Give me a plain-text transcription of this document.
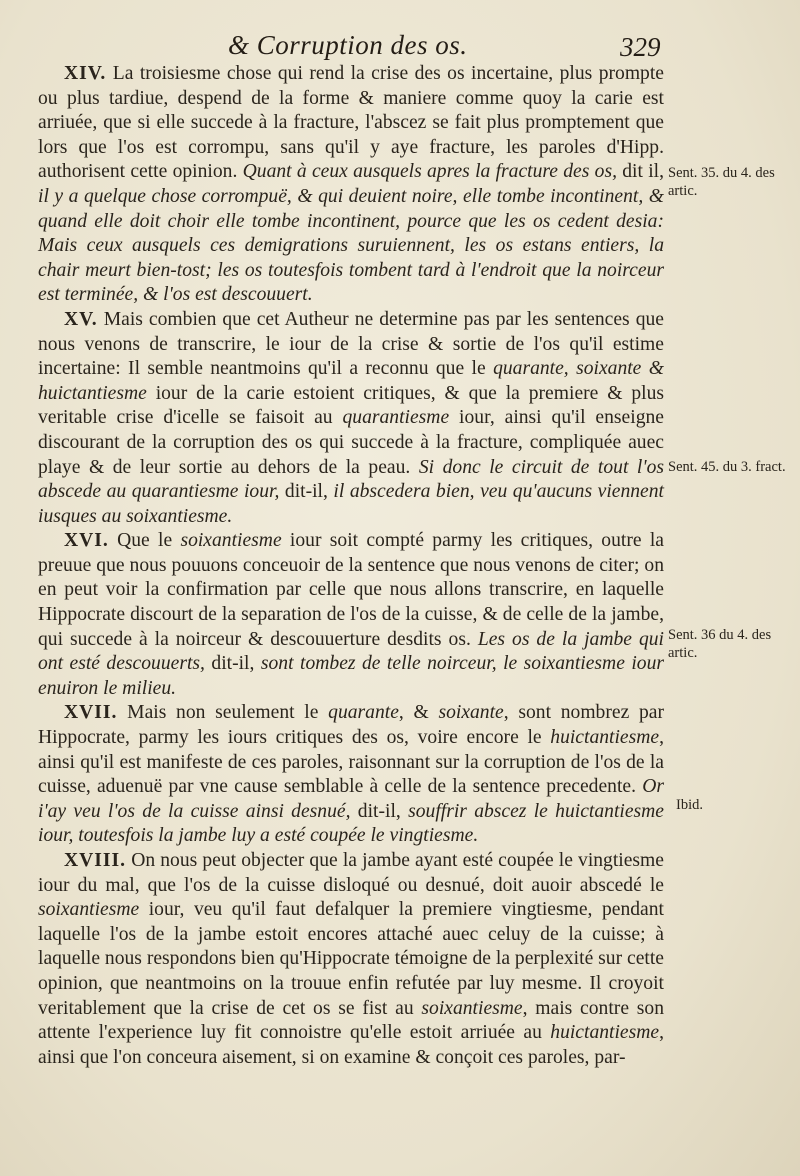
& Corruption des os.	329

XIV. La troisiesme chose qui rend la crise des os incertaine, plus prompte ou plus tardiue, despend de la forme & maniere comme quoy la carie est arriuée, que si elle succede à la fracture, l'abscez se fait plus promptement que lors que l'os est corrompu, sans qu'il y aye fracture, les paroles d'Hipp. authorisent cette opinion. Quant à ceux ausquels apres la fracture des os, dit il, il y a quelque chose corrompuë, & qui deuient noire, elle tombe incontinent, & quand elle doit choir elle tombe incontinent, pource que les os cedent desia: Mais ceux ausquels ces demigrations suruiennent, les os estans entiers, la chair meurt bien-tost; les os toutesfois tombent tard à l'endroit que la noirceur est terminée, & l'os est descouuert.

XV. Mais combien que cet Autheur ne determine pas par les sentences que nous venons de transcrire, le iour de la crise & sortie de l'os qu'il estime incertaine: Il semble neantmoins qu'il a reconnu que le quarante, soixante & huictantiesme iour de la carie estoient critiques, & que la premiere & plus veritable crise d'icelle se faisoit au quarantiesme iour, ainsi qu'il enseigne discourant de la corruption des os qui succede à la fracture, compliquée auec playe & de leur sortie au dehors de la peau. Si donc le circuit de tout l'os abscede au quarantiesme iour, dit-il, il abscedera bien, veu qu'aucuns viennent iusques au soixantiesme.

XVI. Que le soixantiesme iour soit compté parmy les critiques, outre la preuue que nous pouuons conceuoir de la sentence que nous venons de citer; on en peut voir la confirmation par celle que nous allons transcrire, en laquelle Hippocrate discourt de la separation de l'os de la cuisse, & de celle de la jambe, qui succede à la noirceur & descouuerture desdits os. Les os de la jambe qui ont esté descouuerts, dit-il, sont tombez de telle noirceur, le soixantiesme iour enuiron le milieu.

XVII. Mais non seulement le quarante, & soixante, sont nombrez par Hippocrate, parmy les iours critiques des os, voire encore le huictantiesme, ainsi qu'il est manifeste de ces paroles, raisonnant sur la corruption de l'os de la cuisse, aduenuë par vne cause semblable à celle de la sentence precedente. Or i'ay veu l'os de la cuisse ainsi desnué, dit-il, souffrir abscez le huictantiesme iour, toutesfois la jambe luy a esté coupée le vingtiesme.

XVIII. On nous peut objecter que la jambe ayant esté coupée le vingtiesme iour du mal, que l'os de la cuisse disloqué ou desnué, doit auoir abscedé le soixantiesme iour, veu qu'il faut defalquer la premiere vingtiesme, pendant laquelle l'os de la jambe estoit encores attaché auec celuy de la cuisse; à laquelle nous respondons bien qu'Hippocrate témoigne de la perplexité sur cette opinion, que neantmoins on la trouue enfin refutée par luy mesme. Il croyoit veritablement que la crise de cet os se fist au soixantiesme, mais contre son attente l'experience luy fit connoistre qu'elle estoit arriuée au huictantiesme, ainsi que l'on conceura aisement, si on examine & conçoit ces paroles, par-

Sent. 35. du 4. des artic.
Sent. 45. du 3. fract.
Sent. 36 du 4. des artic.
Ibid.
